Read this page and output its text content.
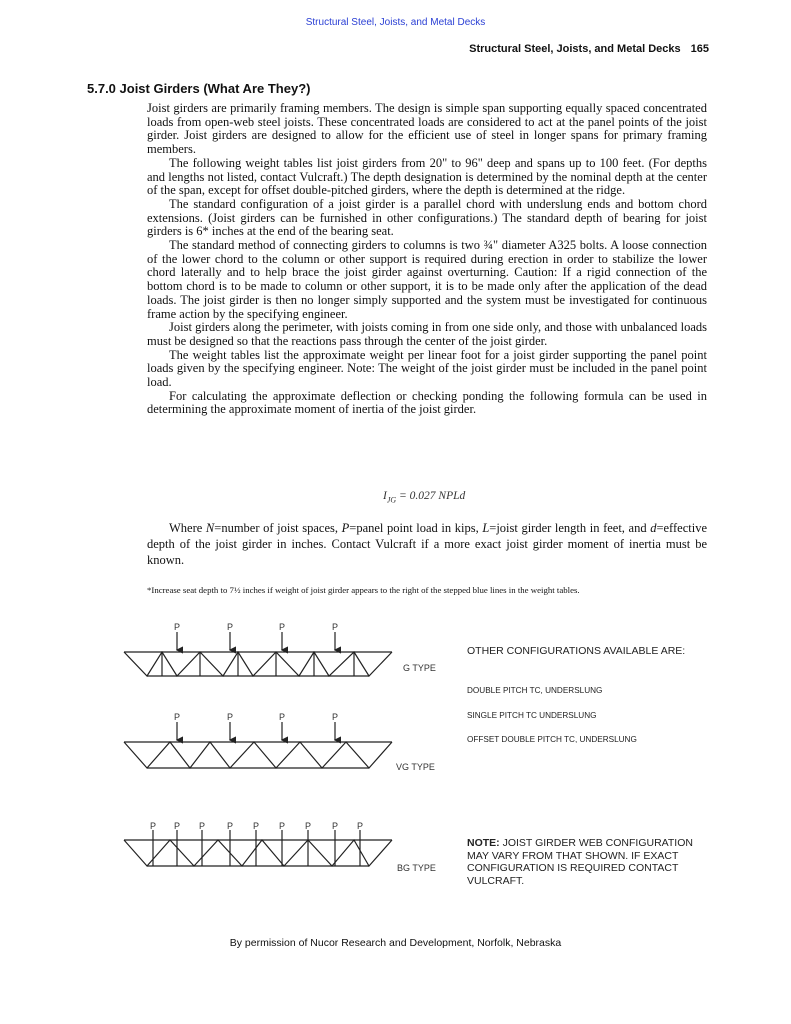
Structural Steel, Joists, and Metal Decks
Structural Steel, Joists, and Metal Decks 165
5.7.0 Joist Girders (What Are They?)

Joist girders are primarily framing members. The design is simple span supporting equally spaced concentrated loads from open-web steel joists. These concentrated loads are considered to act at the panel points of the joist girder. Joist girders are designed to allow for the efficient use of steel in longer spans for primary framing members.

The following weight tables list joist girders from 20" to 96" deep and spans up to 100 feet. (For depths and lengths not listed, contact Vulcraft.) The depth designation is determined by the nominal depth at the center of the span, except for offset double-pitched girders, where the depth is determined at the ridge.

The standard configuration of a joist girder is a parallel chord with underslung ends and bottom chord extensions. (Joist girders can be furnished in other configurations.) The standard depth of bearing for joist girders is 6* inches at the end of the bearing seat.

The standard method of connecting girders to columns is two ¾" diameter A325 bolts. A loose connection of the lower chord to the column or other support is required during erection in order to stabilize the lower chord laterally and to help brace the joist girder against overturning. Caution: If a rigid connection of the bottom chord is to be made to column or other support, it is to be made only after the application of the dead loads. The joist girder is then no longer simply supported and the system must be investigated for continuous frame action by the specifying engineer.

Joist girders along the perimeter, with joists coming in from one side only, and those with unbalanced loads must be designed so that the reactions pass through the center of the joist girder.

The weight tables list the approximate weight per linear foot for a joist girder supporting the panel point loads given by the specifying engineer. Note: The weight of the joist girder must be included in the panel point load.

For calculating the approximate deflection or checking ponding the following formula can be used in determining the approximate moment of inertia of the joist girder.

$I_{JG} = 0.027$ NPLd
Where N=number of joist spaces, P=panel point load in kips, L=joist girder length in feet, and d=effective depth of the joist girder in inches. Contact Vulcraft if a more exact joist girder moment of inertia must be known.
*Increase seat depth to 7½ inches if weight of joist girder appears to the right of the stepped blue lines in the weight tables.
P	P	P	P
P	P	P	P
P P P P P P P P P
G TYPE
VG TYPE
BG TYPE
OTHER CONFIGURATIONS AVAILABLE ARE:
DOUBLE PITCH TC, UNDERSLUNG
SINGLE PITCH TC UNDERSLUNG
OFFSET DOUBLE PITCH TC, UNDERSLUNG
NOTE: JOIST GIRDER WEB CONFIGURATION MAY VARY FROM THAT SHOWN. IF EXACT CONFIGURATION IS REQUIRED CONTACT VULCRAFT.
By permission of Nucor Research and Development, Norfolk, Nebraska
